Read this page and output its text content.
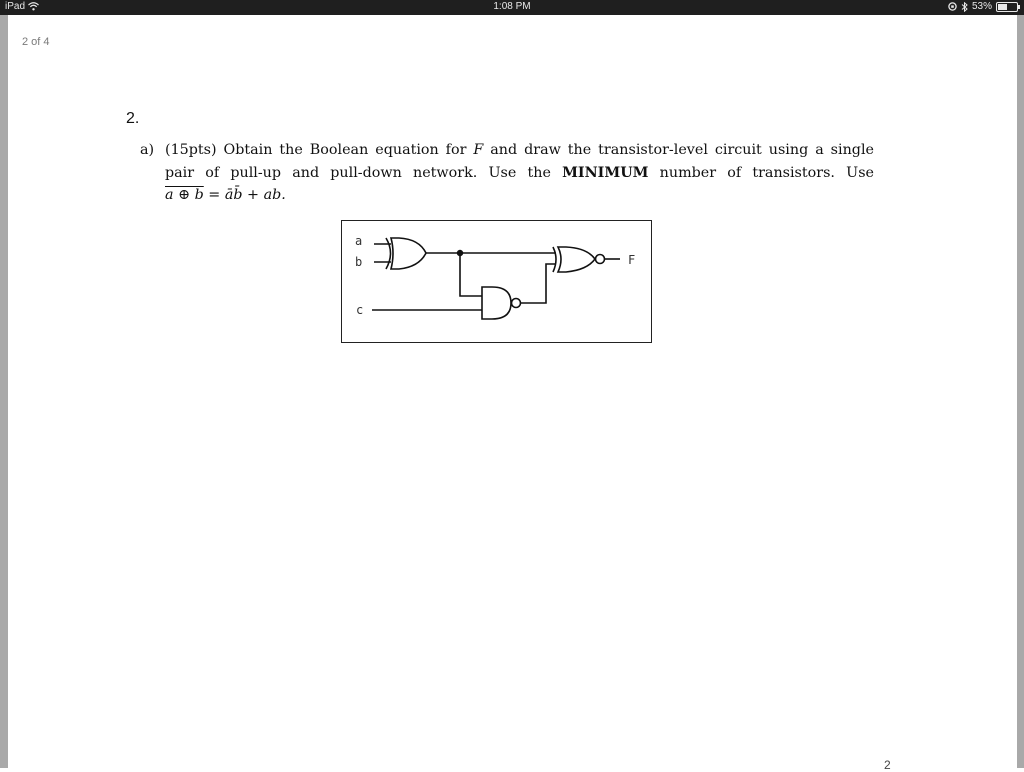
iPad	1:08 PM	53%
2 of 4
2.
a) (15pts) Obtain the Boolean equation for F and draw the transistor-level circuit using a single
pair of pull-up and pull-down network. Use the MINIMUM number of transistors. Use
a ⊕ b = āb̄ + ab.
a
b
c
F
2
